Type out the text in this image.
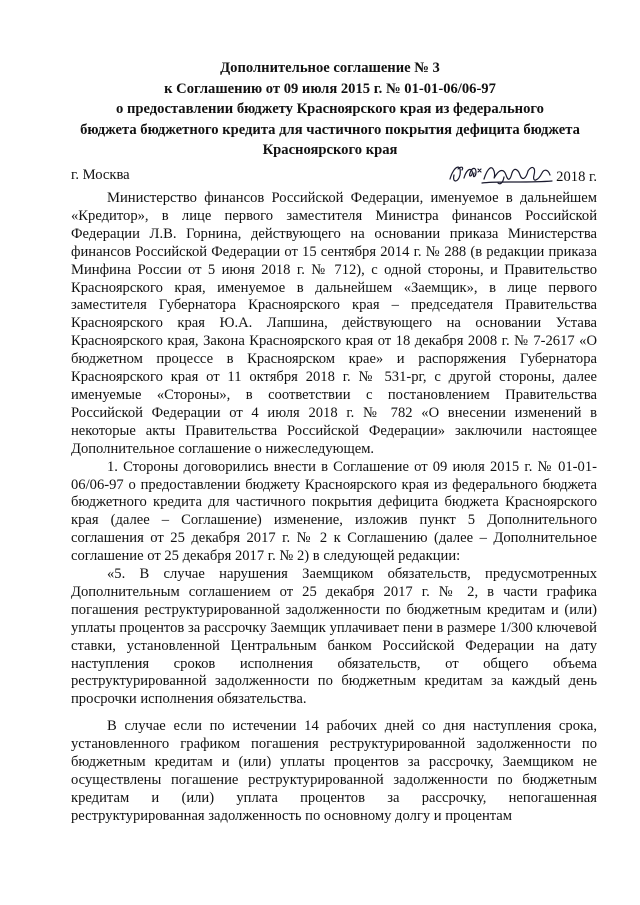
Дополнительное соглашение № 3
к Соглашению от 09 июля 2015 г. № 01-01-06/06-97
о предоставлении бюджету Красноярского края из федерального
бюджета бюджетного кредита для частичного покрытия дефицита бюджета
Красноярского края
г. Москва	2018 г.

Министерство финансов Российской Федерации, именуемое в дальнейшем «Кредитор», в лице первого заместителя Министра финансов Российской Федерации Л.В. Горнина, действующего на основании приказа Министерства финансов Российской Федерации от 15 сентября 2014 г. № 288 (в редакции приказа Минфина России от 5 июня 2018 г. № 712), с одной стороны, и Правительство Красноярского края, именуемое в дальнейшем «Заемщик», в лице первого заместителя Губернатора Красноярского края – председателя Правительства Красноярского края Ю.А. Лапшина, действующего на основании Устава Красноярского края, Закона Красноярского края от 18 декабря 2008 г. № 7-2617 «О бюджетном процессе в Красноярском крае» и распоряжения Губернатора Красноярского края от 11 октября 2018 г. № 531-рг, с другой стороны, далее именуемые «Стороны», в соответствии с постановлением Правительства Российской Федерации от 4 июля 2018 г. № 782 «О внесении изменений в некоторые акты Правительства Российской Федерации» заключили настоящее Дополнительное соглашение о нижеследующем.

1. Стороны договорились внести в Соглашение от 09 июля 2015 г. № 01-01-06/06-97 о предоставлении бюджету Красноярского края из федерального бюджета бюджетного кредита для частичного покрытия дефицита бюджета Красноярского края (далее – Соглашение) изменение, изложив пункт 5 Дополнительного соглашения от 25 декабря 2017 г. № 2 к Соглашению (далее – Дополнительное соглашение от 25 декабря 2017 г. № 2) в следующей редакции:

«5. В случае нарушения Заемщиком обязательств, предусмотренных Дополнительным соглашением от 25 декабря 2017 г. № 2, в части графика погашения реструктурированной задолженности по бюджетным кредитам и (или) уплаты процентов за рассрочку Заемщик уплачивает пени в размере 1/300 ключевой ставки, установленной Центральным банком Российской Федерации на дату наступления сроков исполнения обязательств, от общего объема реструктурированной задолженности по бюджетным кредитам за каждый день просрочки исполнения обязательства.

В случае если по истечении 14 рабочих дней со дня наступления срока, установленного графиком погашения реструктурированной задолженности по бюджетным кредитам и (или) уплаты процентов за рассрочку, Заемщиком не осуществлены погашение реструктурированной задолженности по бюджетным кредитам и (или) уплата процентов за рассрочку, непогашенная реструктурированная задолженность по основному долгу и процентам
